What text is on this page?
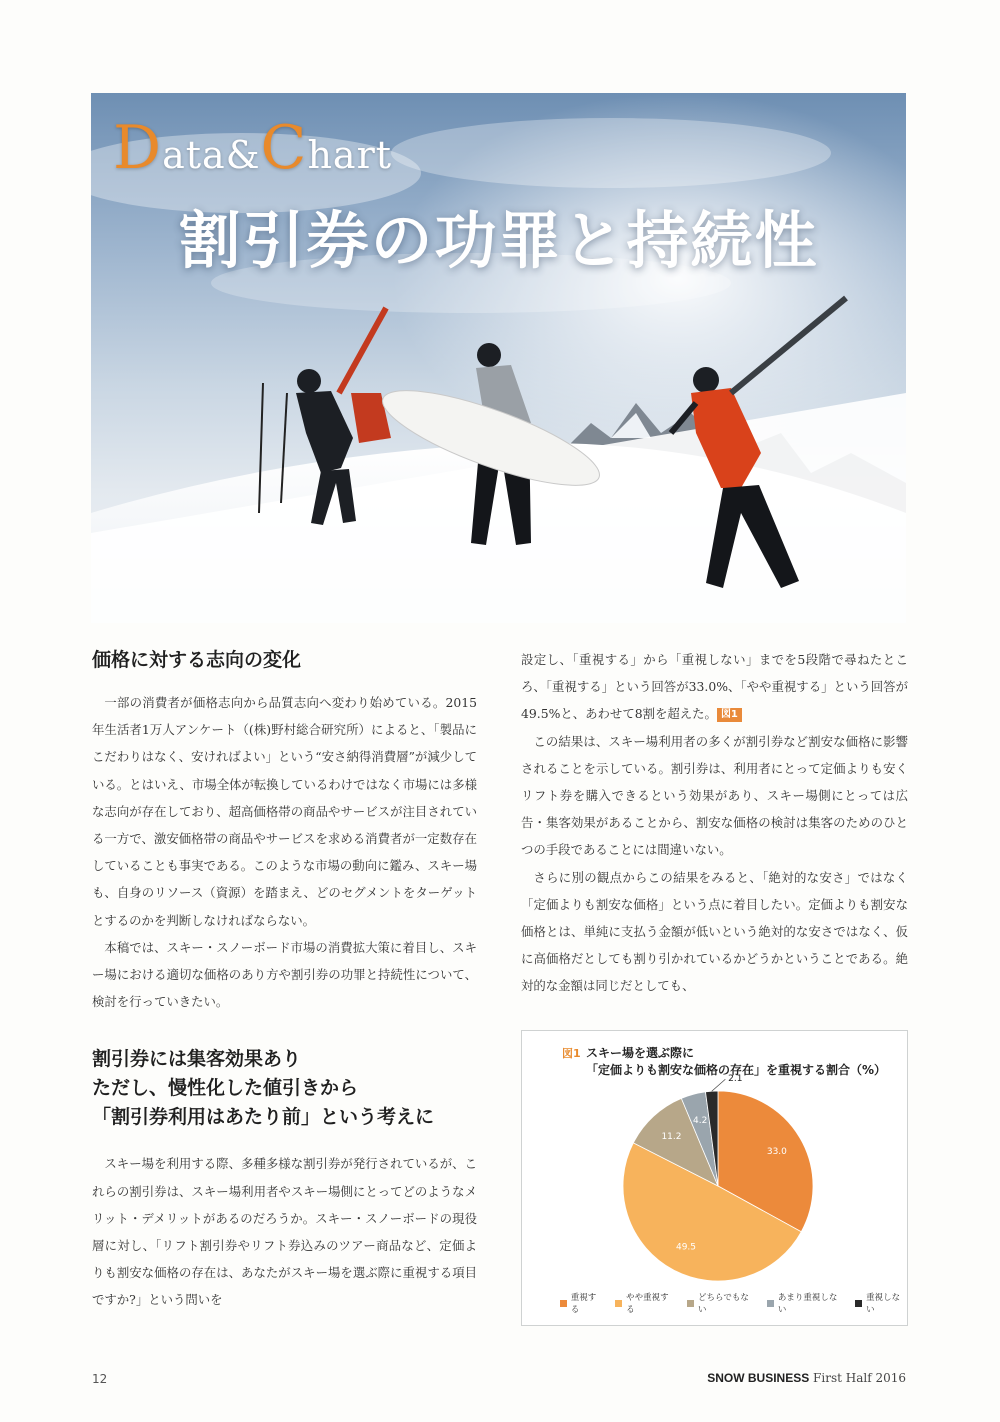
Data&Chart
割引券の功罪と持続性
価格に対する志向の変化

一部の消費者が価格志向から品質志向へ変わり始めている。2015年生活者1万人アンケート（(株)野村総合研究所）によると、「製品にこだわりはなく、安ければよい」という“安さ納得消費層”が減少している。とはいえ、市場全体が転換しているわけではなく市場には多様な志向が存在しており、超高価格帯の商品やサービスが注目されている一方で、激安価格帯の商品やサービスを求める消費者が一定数存在していることも事実である。このような市場の動向に鑑み、スキー場も、自身のリソース（資源）を踏まえ、どのセグメントをターゲットとするのかを判断しなければならない。

本稿では、スキー・スノーボード市場の消費拡大策に着目し、スキー場における適切な価格のあり方や割引券の功罪と持続性について、検討を行っていきたい。

割引券には集客効果あり
ただし、慢性化した値引きから
「割引券利用はあたり前」という考えに

スキー場を利用する際、多種多様な割引券が発行されているが、これらの割引券は、スキー場利用者やスキー場側にとってどのようなメリット・デメリットがあるのだろうか。スキー・スノーボードの現役層に対し、「リフト割引券やリフト券込みのツアー商品など、定価よりも割安な価格の存在は、あなたがスキー場を選ぶ際に重視する項目ですか?」という問いを

設定し、「重視する」から「重視しない」までを5段階で尋ねたところ、「重視する」という回答が33.0%、「やや重視する」という回答が49.5%と、あわせて8割を超えた。 図1

この結果は、スキー場利用者の多くが割引券など割安な価格に影響されることを示している。割引券は、利用者にとって定価よりも安くリフト券を購入できるという効果があり、スキー場側にとっては広告・集客効果があることから、割安な価格の検討は集客のためのひとつの手段であることには間違いない。

さらに別の観点からこの結果をみると、「絶対的な安さ」ではなく「定価よりも割安な価格」という点に着目したい。定価よりも割安な価格とは、単純に支払う金額が低いという絶対的な安さではなく、仮に高価格だとしても割り引かれているかどうかということである。絶対的な金額は同じだとしても、

図1 スキー場を選ぶ際に
「定価よりも割安な価格の存在」を重視する割合（%）
33.0
49.5
11.2
4.2
2.1
重視する
やや重視する
どちらでもない
あまり重視しない
重視しない
12	SNOW BUSINESS First Half 2016
